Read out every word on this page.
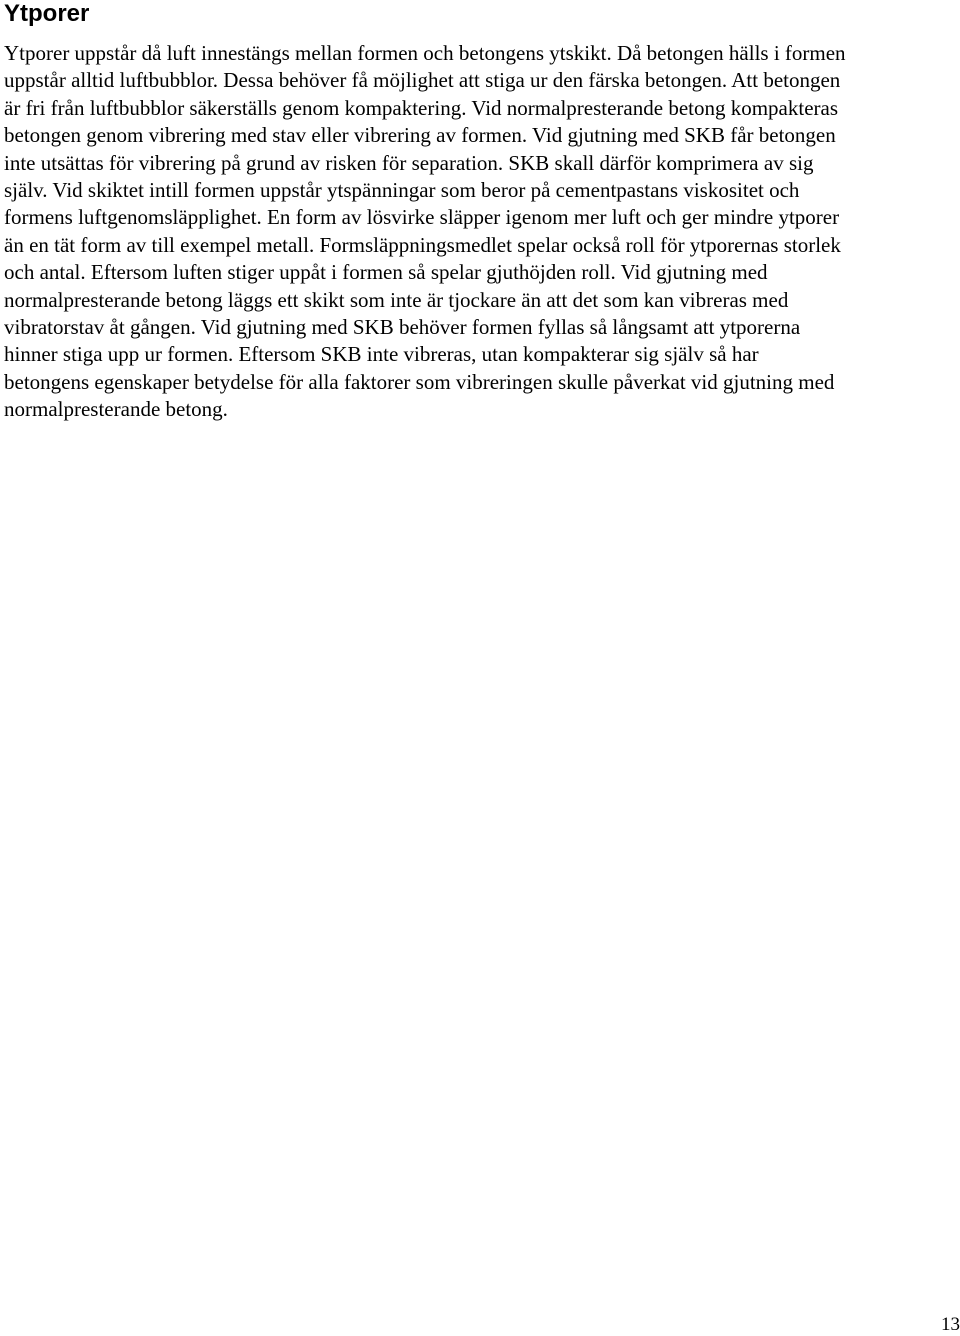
Ytporer

Ytporer uppstår då luft innestängs mellan formen och betongens ytskikt. Då betongen hälls i formen
uppstår alltid luftbubblor. Dessa behöver få möjlighet att stiga ur den färska betongen. Att betongen
är fri från luftbubblor säkerställs genom kompaktering. Vid normalpresterande betong kompakteras
betongen genom vibrering med stav eller vibrering av formen. Vid gjutning med SKB får betongen
inte utsättas för vibrering på grund av risken för separation. SKB skall därför komprimera av sig
själv. Vid skiktet intill formen uppstår ytspänningar som beror på cementpastans viskositet och
formens luftgenomsläpplighet. En form av lösvirke släpper igenom mer luft och ger mindre ytporer
än en tät form av till exempel metall. Formsläppningsmedlet spelar också roll för ytporernas storlek
och antal. Eftersom luften stiger uppåt i formen så spelar gjuthöjden roll. Vid gjutning med
normalpresterande betong läggs ett skikt som inte är tjockare än att det som kan vibreras med
vibratorstav åt gången. Vid gjutning med SKB behöver formen fyllas så långsamt att ytporerna
hinner stiga upp ur formen. Eftersom SKB inte vibreras, utan kompakterar sig själv så har
betongens egenskaper betydelse för alla faktorer som vibreringen skulle påverkat vid gjutning med
normalpresterande betong.

13
